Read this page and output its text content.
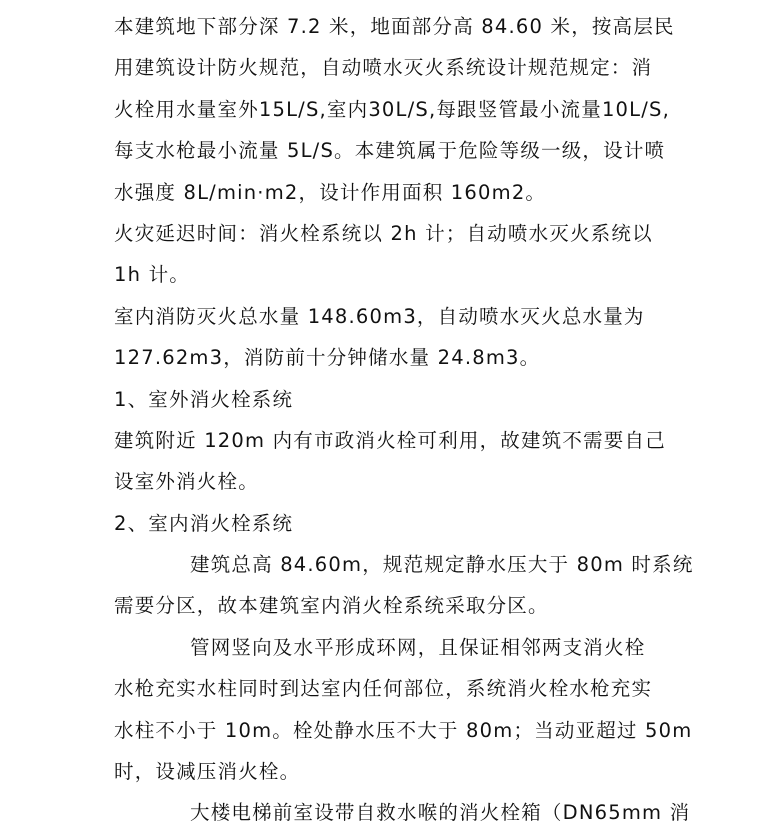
本建筑地下部分深 7.2 米，地面部分高 84.60 米，按高层民
用建筑设计防火规范，自动喷水灭火系统设计规范规定：消
火栓用水量室外15L/S,室内30L/S,每跟竖管最小流量10L/S,
每支水枪最小流量 5L/S。本建筑属于危险等级一级，设计喷
水强度 8L/min·m2，设计作用面积 160m2。
火灾延迟时间：消火栓系统以 2h 计；自动喷水灭火系统以
1h 计。
室内消防灭火总水量 148.60m3，自动喷水灭火总水量为
127.62m3，消防前十分钟储水量 24.8m3。
1、室外消火栓系统
建筑附近 120m 内有市政消火栓可利用，故建筑不需要自己
设室外消火栓。
2、室内消火栓系统
建筑总高 84.60m，规范规定静水压大于 80m 时系统
需要分区，故本建筑室内消火栓系统采取分区。
管网竖向及水平形成环网，且保证相邻两支消火栓
水枪充实水柱同时到达室内任何部位，系统消火栓水枪充实
水柱不小于 10m。栓处静水压不大于 80m；当动亚超过 50m
时，设减压消火栓。
大楼电梯前室设带自救水喉的消火栓箱（DN65mm 消
